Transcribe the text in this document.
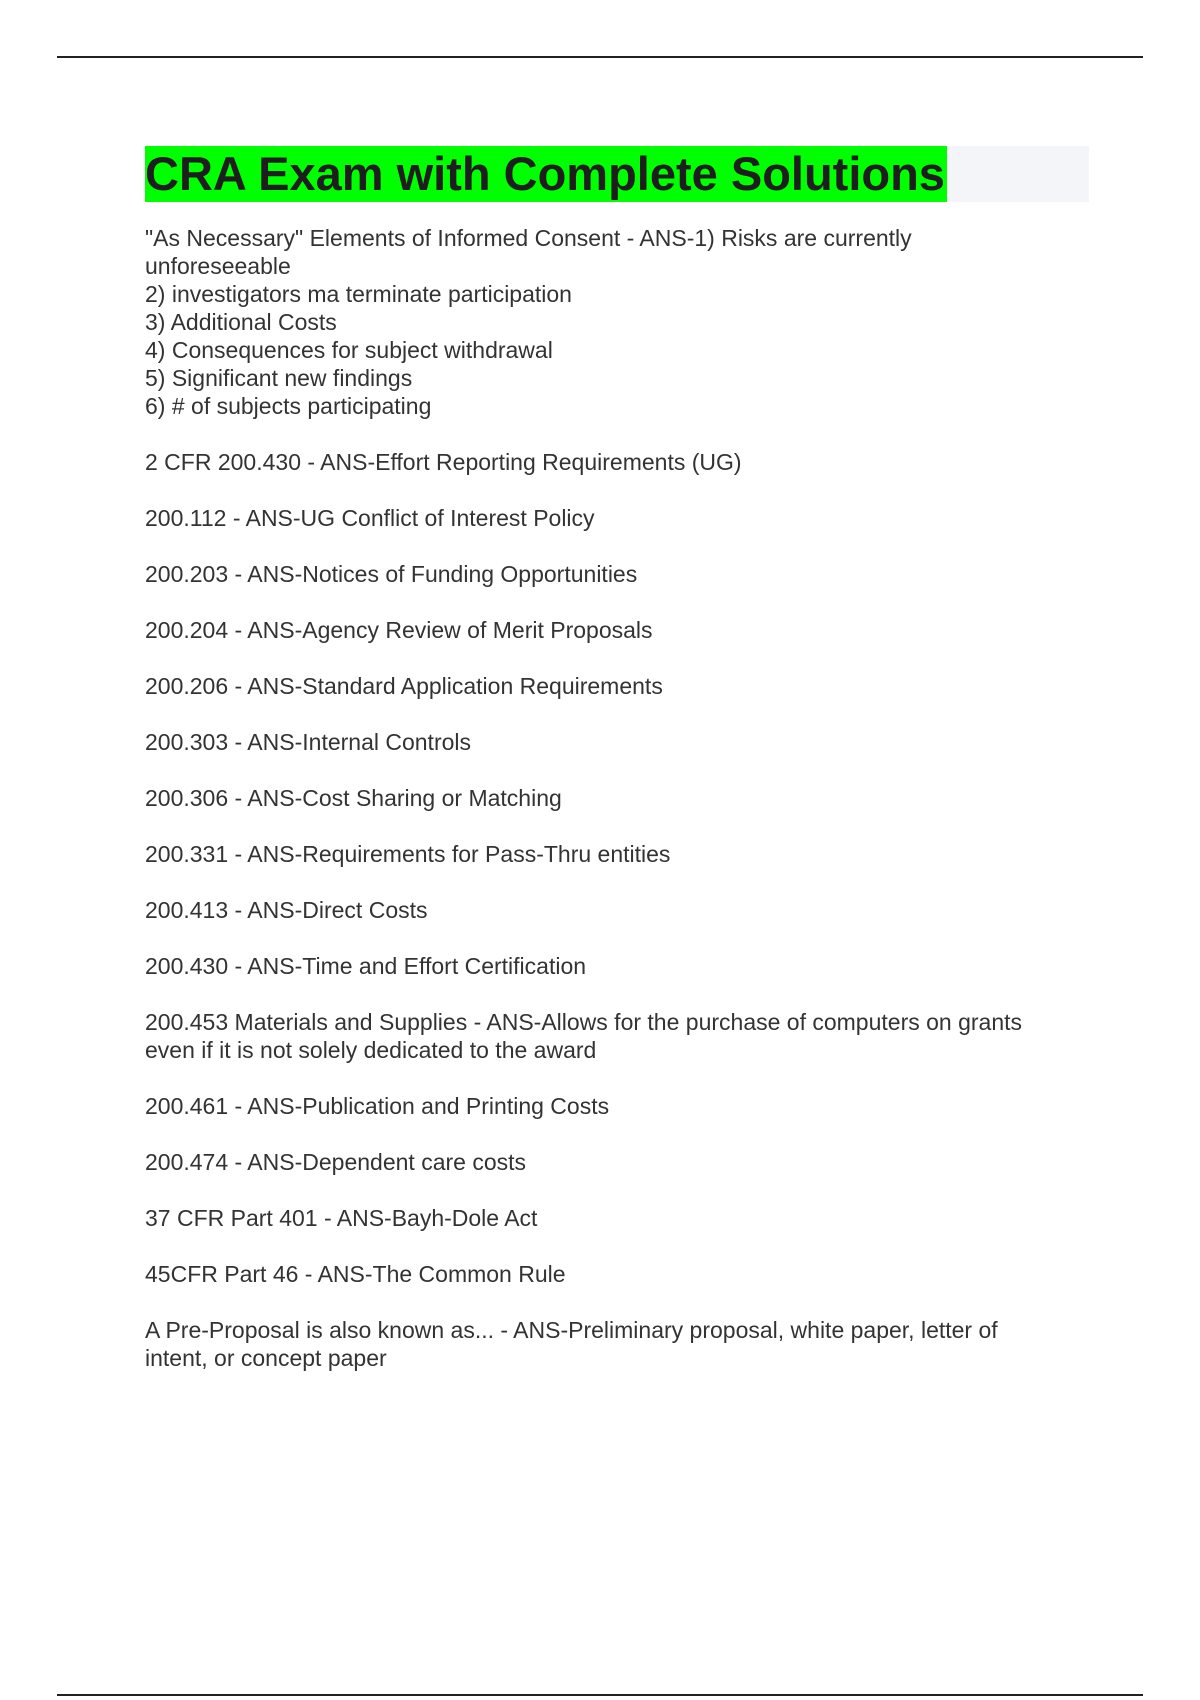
CRA Exam with Complete Solutions

"As Necessary" Elements of Informed Consent - ANS-1) Risks are currently
unforeseeable
2) investigators ma terminate participation
3) Additional Costs
4) Consequences for subject withdrawal
5) Significant new findings
6) # of subjects participating

2 CFR 200.430 - ANS-Effort Reporting Requirements (UG)

200.112 - ANS-UG Conflict of Interest Policy

200.203 - ANS-Notices of Funding Opportunities

200.204 - ANS-Agency Review of Merit Proposals

200.206 - ANS-Standard Application Requirements

200.303 - ANS-Internal Controls

200.306 - ANS-Cost Sharing or Matching

200.331 - ANS-Requirements for Pass-Thru entities

200.413 - ANS-Direct Costs

200.430 - ANS-Time and Effort Certification

200.453 Materials and Supplies - ANS-Allows for the purchase of computers on grants
even if it is not solely dedicated to the award

200.461 - ANS-Publication and Printing Costs

200.474 - ANS-Dependent care costs

37 CFR Part 401 - ANS-Bayh-Dole Act

45CFR Part 46 - ANS-The Common Rule

A Pre-Proposal is also known as... - ANS-Preliminary proposal, white paper, letter of
intent, or concept paper
